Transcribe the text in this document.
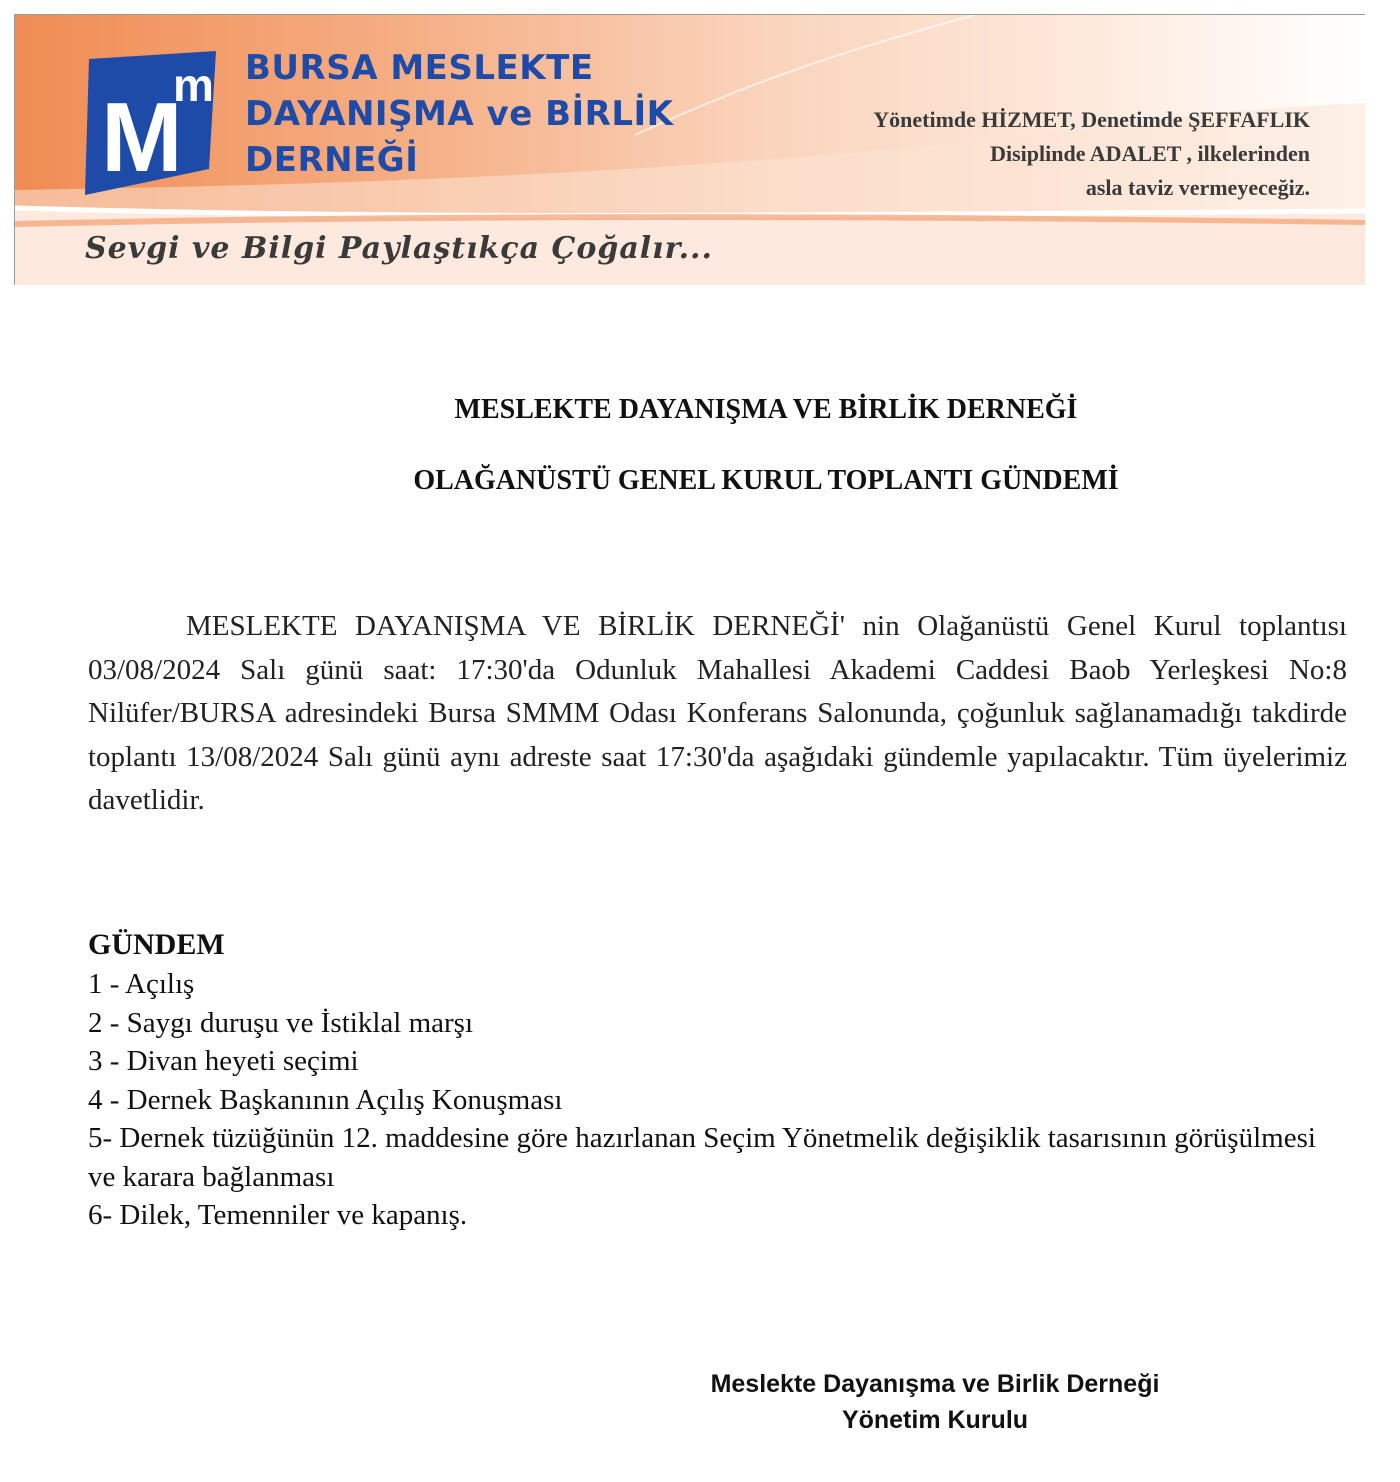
M
m BURSA MESLEKTE
DAYANIŞMA ve BİRLİK
DERNEĞİ
Yönetimde HİZMET, Denetimde ŞEFFAFLIK
Disiplinde ADALET , ilkelerinden
asla taviz vermeyeceğiz.
Sevgi ve Bilgi Paylaştıkça Çoğalır...
MESLEKTE DAYANIŞMA VE BİRLİK DERNEĞİ
OLAĞANÜSTÜ GENEL KURUL TOPLANTI GÜNDEMİ

MESLEKTE DAYANIŞMA VE BİRLİK DERNEĞİ' nin Olağanüstü Genel Kurul toplantısı 03/08/2024 Salı günü saat: 17:30'da Odunluk Mahallesi Akademi Caddesi Baob Yerleşkesi No:8 Nilüfer/BURSA adresindeki Bursa SMMM Odası Konferans Salonunda, çoğunluk sağlanamadığı takdirde toplantı 13/08/2024 Salı günü aynı adreste saat 17:30'da aşağıdaki gündemle yapılacaktır. Tüm üyelerimiz davetlidir.

GÜNDEM
1 - Açılış
2 - Saygı duruşu ve İstiklal marşı
3 - Divan heyeti seçimi
4 - Dernek Başkanının Açılış Konuşması
5- Dernek tüzüğünün 12. maddesine göre hazırlanan Seçim Yönetmelik değişiklik tasarısının görüşülmesi ve karara bağlanması
6- Dilek, Temenniler ve kapanış.
Meslekte Dayanışma ve Birlik Derneği
Yönetim Kurulu
